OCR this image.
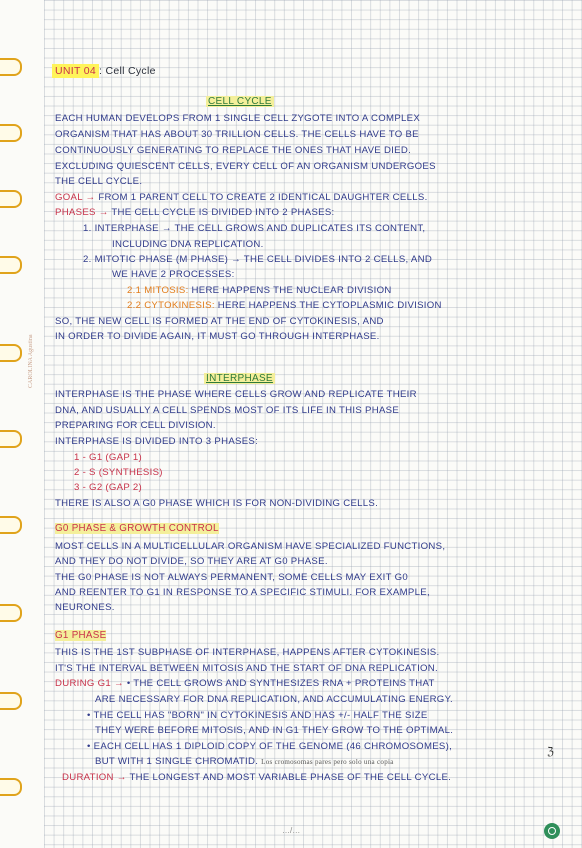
CAROLINA Agustina
UNIT 04 : Cell Cycle
CELL CYCLE
EACH HUMAN DEVELOPS FROM 1 SINGLE CELL ZYGOTE INTO A COMPLEX
ORGANISM THAT HAS ABOUT 30 TRILLION CELLS. THE CELLS HAVE TO BE
CONTINUOUSLY GENERATING TO REPLACE THE ONES THAT HAVE DIED.
EXCLUDING QUIESCENT CELLS, EVERY CELL OF AN ORGANISM UNDERGOES
THE CELL CYCLE.
GOAL → FROM 1 PARENT CELL TO CREATE 2 IDENTICAL DAUGHTER CELLS.
PHASES → THE CELL CYCLE IS DIVIDED INTO 2 PHASES:
1. INTERPHASE → THE CELL GROWS AND DUPLICATES ITS CONTENT,
INCLUDING DNA REPLICATION.
2. MITOTIC PHASE (M PHASE) → THE CELL DIVIDES INTO 2 CELLS, AND
WE HAVE 2 PROCESSES:
2.1 MITOSIS: HERE HAPPENS THE NUCLEAR DIVISION
2.2 CYTOKINESIS: HERE HAPPENS THE CYTOPLASMIC DIVISION
SO, THE NEW CELL IS FORMED AT THE END OF CYTOKINESIS, AND
IN ORDER TO DIVIDE AGAIN, IT MUST GO THROUGH INTERPHASE.
INTERPHASE
INTERPHASE IS THE PHASE WHERE CELLS GROW AND REPLICATE THEIR
DNA, AND USUALLY A CELL SPENDS MOST OF ITS LIFE IN THIS PHASE
PREPARING FOR CELL DIVISION.
INTERPHASE IS DIVIDED INTO 3 PHASES:
1 - G1 (GAP 1)
2 - S (SYNTHESIS)
3 - G2 (GAP 2)
THERE IS ALSO A G0 PHASE WHICH IS FOR NON-DIVIDING CELLS.
G0 PHASE & GROWTH CONTROL
MOST CELLS IN A MULTICELLULAR ORGANISM HAVE SPECIALIZED FUNCTIONS,
AND THEY DO NOT DIVIDE, SO THEY ARE AT G0 PHASE.
THE G0 PHASE IS NOT ALWAYS PERMANENT, SOME CELLS MAY EXIT G0
AND REENTER TO G1 IN RESPONSE TO A SPECIFIC STIMULI. FOR EXAMPLE,
NEURONES.
G1 PHASE
THIS IS THE 1ST SUBPHASE OF INTERPHASE, HAPPENS AFTER CYTOKINESIS.
IT'S THE INTERVAL BETWEEN MITOSIS AND THE START OF DNA REPLICATION.
DURING G1 → • THE CELL GROWS AND SYNTHESIZES RNA + PROTEINS THAT
ARE NECESSARY FOR DNA REPLICATION, AND ACCUMULATING ENERGY.
• THE CELL HAS "BORN" IN CYTOKINESIS AND HAS +/- HALF THE SIZE
THEY WERE BEFORE MITOSIS, AND IN G1 THEY GROW TO THE OPTIMAL.
• EACH CELL HAS 1 DIPLOID COPY OF THE GENOME (46 CHROMOSOMES),
BUT WITH 1 SINGLE CHROMATID. Los cromosomas pares pero solo una copia
ℨ
DURATION → THE LONGEST AND MOST VARIABLE PHASE OF THE CELL CYCLE.
…/…
